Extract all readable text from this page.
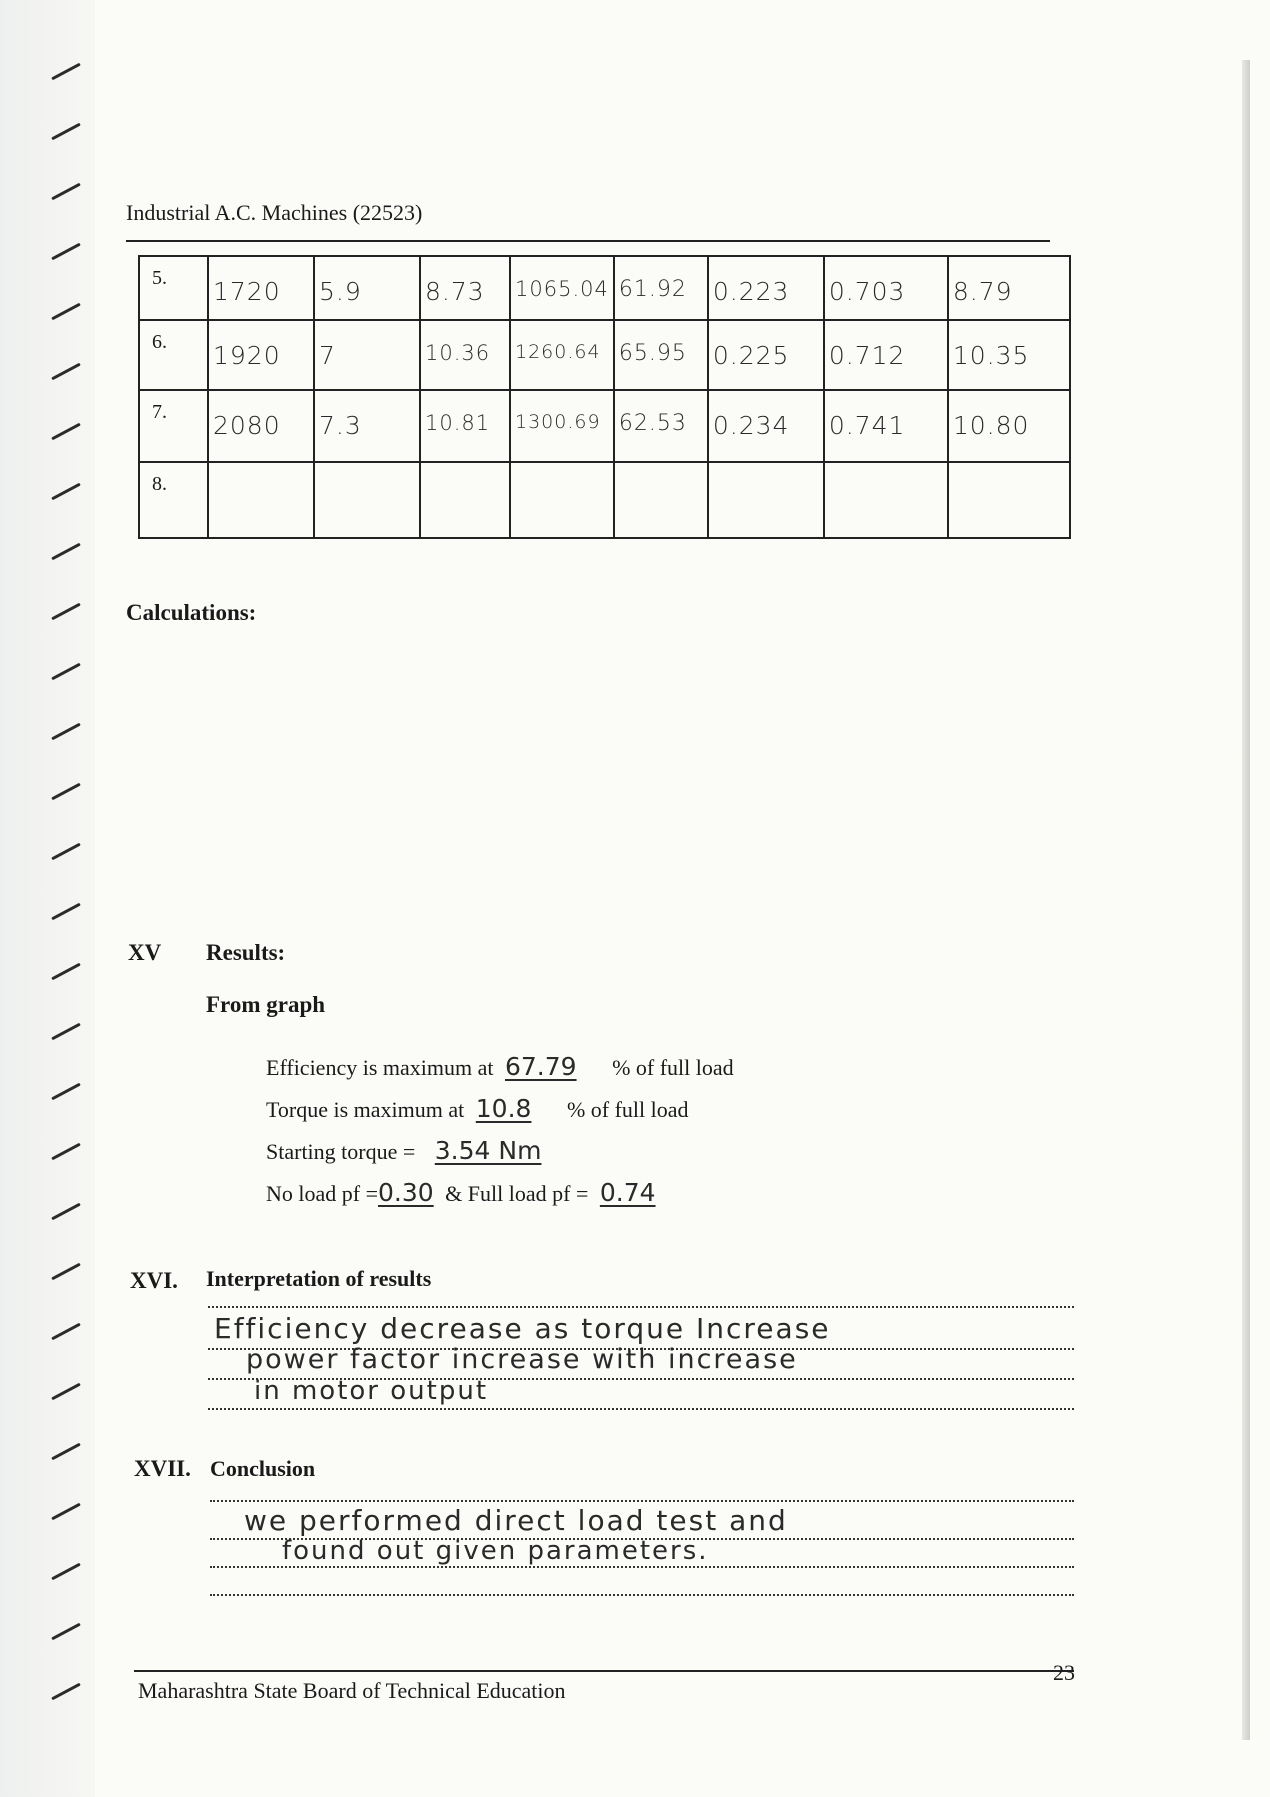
Industrial A.C. Machines (22523)
5.	1720	5.9	8.73	1065.04	61.92	0.223	0.703	8.79
6.	1920	7	10.36	1260.64	65.95	0.225	0.712	10.35
7.	2080	7.3	10.81	1300.69	62.53	0.234	0.741	10.80
8.								
Calculations:
XV Results:
From graph
Efficiency is maximum at 67.79 % of full load
Torque is maximum at 10.8 % of full load
Starting torque = 3.54 Nm
No load pf =0.30 & Full load pf = 0.74
XVI. Interpretation of results
Efficiency decrease as torque Increase
power factor increase with increase
in motor output
XVII. Conclusion
we performed direct load test and
found out given parameters.
Maharashtra State Board of Technical Education
23
